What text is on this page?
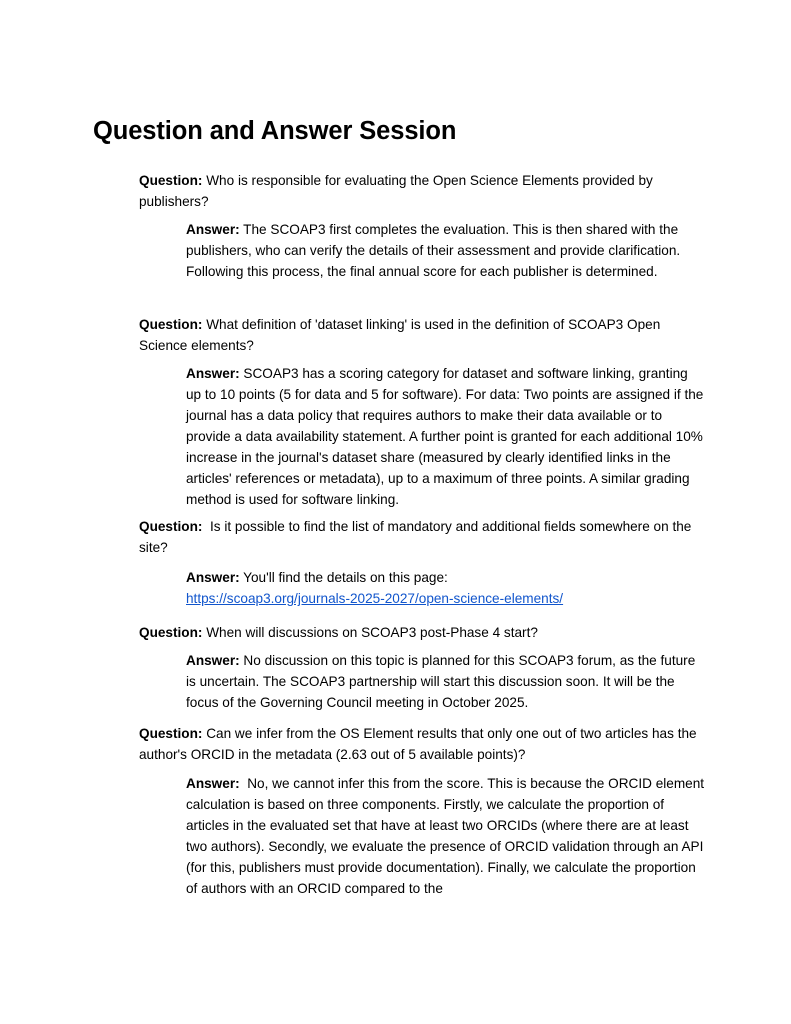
Question and Answer Session

Question: Who is responsible for evaluating the Open Science Elements provided by publishers?

Answer: The SCOAP3 first completes the evaluation. This is then shared with the publishers, who can verify the details of their assessment and provide clarification. Following this process, the final annual score for each publisher is determined.

Question: What definition of 'dataset linking' is used in the definition of SCOAP3 Open Science elements?

Answer: SCOAP3 has a scoring category for dataset and software linking, granting up to 10 points (5 for data and 5 for software). For data: Two points are assigned if the journal has a data policy that requires authors to make their data available or to provide a data availability statement. A further point is granted for each additional 10% increase in the journal's dataset share (measured by clearly identified links in the articles' references or metadata), up to a maximum of three points. A similar grading method is used for software linking.

Question: Is it possible to find the list of mandatory and additional fields somewhere on the site?

Answer: You'll find the details on this page:
https://scoap3.org/journals-2025-2027/open-science-elements/

Question: When will discussions on SCOAP3 post-Phase 4 start?

Answer: No discussion on this topic is planned for this SCOAP3 forum, as the future is uncertain. The SCOAP3 partnership will start this discussion soon. It will be the focus of the Governing Council meeting in October 2025.

Question: Can we infer from the OS Element results that only one out of two articles has the author's ORCID in the metadata (2.63 out of 5 available points)?

Answer: No, we cannot infer this from the score. This is because the ORCID element calculation is based on three components. Firstly, we calculate the proportion of articles in the evaluated set that have at least two ORCIDs (where there are at least two authors). Secondly, we evaluate the presence of ORCID validation through an API (for this, publishers must provide documentation). Finally, we calculate the proportion of authors with an ORCID compared to the
